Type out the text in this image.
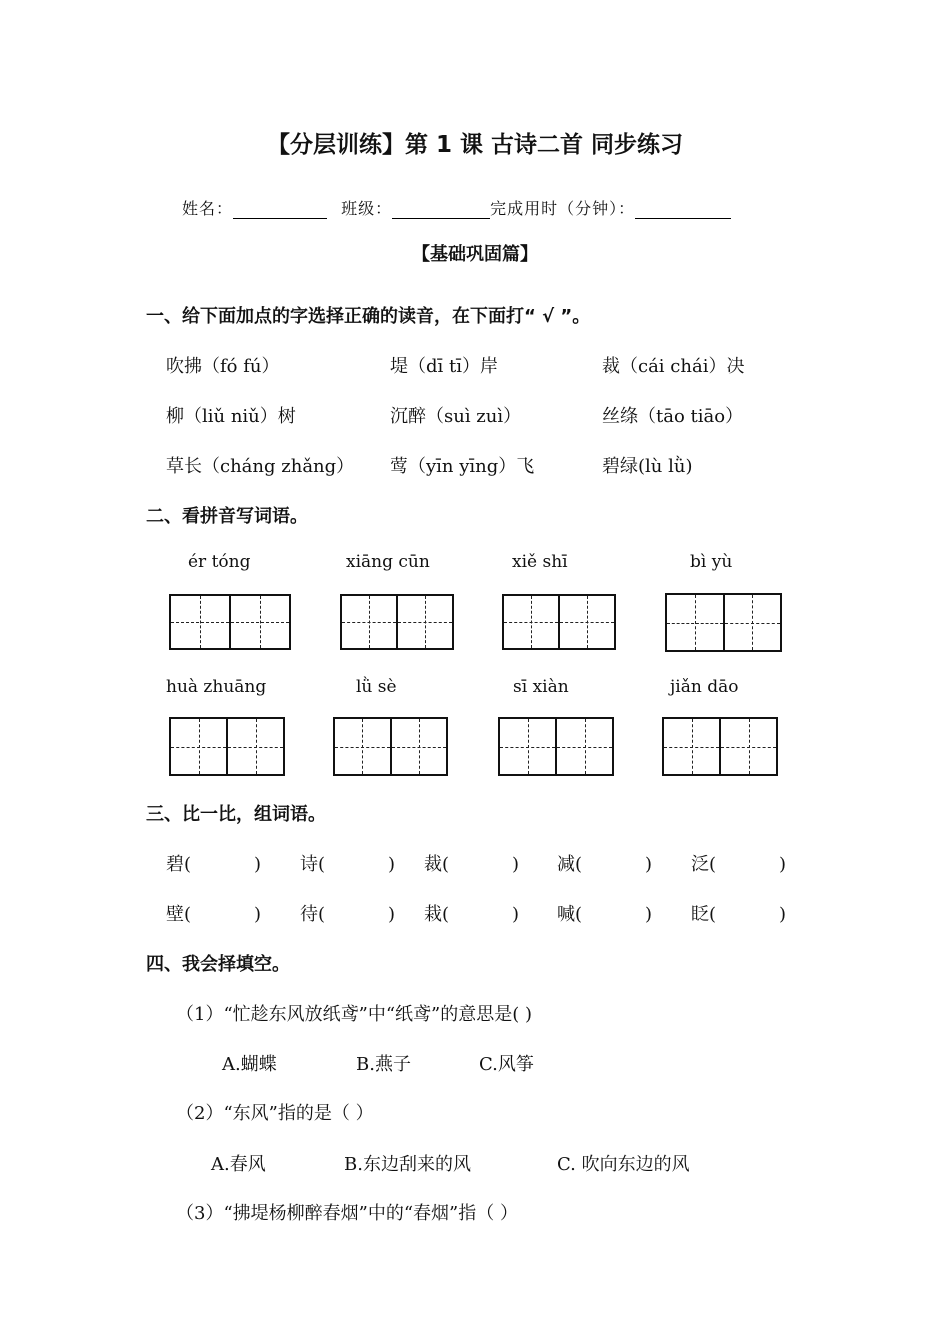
【分层训练】第 1 课 古诗二首 同步练习
姓名：	班级：	完成用时（分钟）：
【基础巩固篇】
一、给下面加点的字选择正确的读音，在下面打“ √ ”。
吹拂（fó fú）	堤（dī tī）岸	裁（cái chái）决
柳（liǔ niǔ）树	沉醉（suì zuì）	丝绦（tāo tiāo）
草长（cháng zhǎng） 莺（yīn yīng）飞	碧绿(lù lǜ)
二、看拼音写词语。
ér tóng	xiāng cūn	xiě shī	bì yù
huà zhuāng	lǜ sè	sī xiàn	jiǎn dāo
三、比一比，组词语。
碧(	) 诗(	) 裁(	) 减(	) 泛(	)
壁(	) 待(	) 栽(	) 喊(	) 眨(	)
四、我会择填空。
（1）“忙趁东风放纸鸢”中“纸鸢”的意思是( )
A.蝴蝶	B.燕子	C.风筝
（2）“东风”指的是（ ）
A.春风	B.东边刮来的风	C. 吹向东边的风
（3）“拂堤杨柳醉春烟”中的“春烟”指（ ）
